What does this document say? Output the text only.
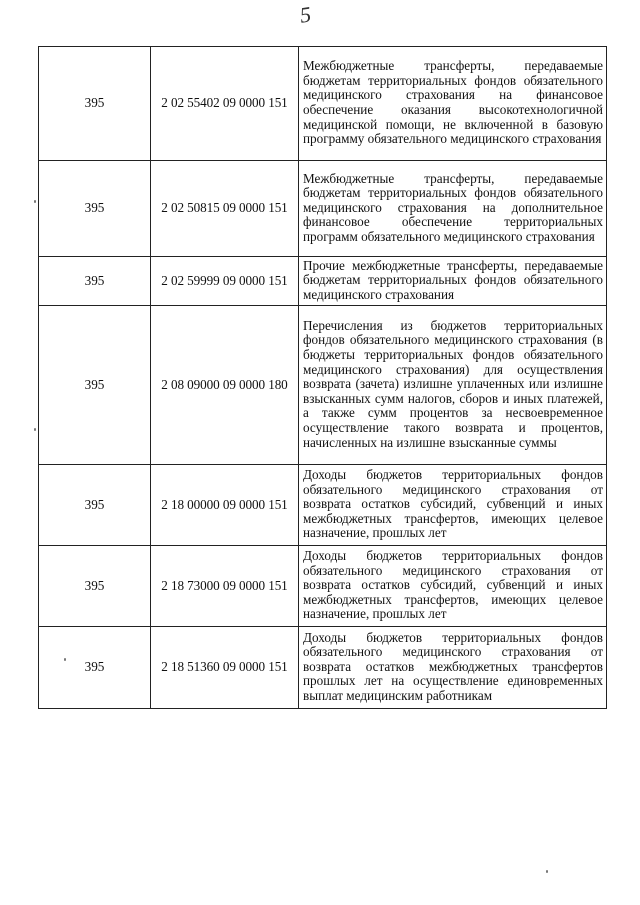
5
395	2 02 55402 09 0000 151	Межбюджетные трансферты, передаваемые бюджетам территориальных фондов обязательного медицинского страхования на финансовое обеспечение оказания высокотехнологичной медицинской помощи, не включенной в базовую программу обязательного медицинского страхования
395	2 02 50815 09 0000 151	Межбюджетные трансферты, передаваемые бюджетам территориальных фондов обязательного медицинского страхования на дополнительное финансовое обеспечение территориальных программ обязательного медицинского страхования
395	2 02 59999 09 0000 151	Прочие межбюджетные трансферты, передаваемые бюджетам территориальных фондов обязательного медицинского страхования
395	2 08 09000 09 0000 180	Перечисления из бюджетов территориальных фондов обязательного медицинского страхования (в бюджеты территориальных фондов обязательного медицинского страхования) для осуществления возврата (зачета) излишне уплаченных или излишне взысканных сумм налогов, сборов и иных платежей, а также сумм процентов за несвоевременное осуществление такого возврата и процентов, начисленных на излишне взысканные суммы
395	2 18 00000 09 0000 151	Доходы бюджетов территориальных фондов обязательного медицинского страхования от возврата остатков субсидий, субвенций и иных межбюджетных трансфертов, имеющих целевое назначение, прошлых лет
395	2 18 73000 09 0000 151	Доходы бюджетов территориальных фондов обязательного медицинского страхования от возврата остатков субсидий, субвенций и иных межбюджетных трансфертов, имеющих целевое назначение, прошлых лет
395	2 18 51360 09 0000 151	Доходы бюджетов территориальных фондов обязательного медицинского страхования от возврата остатков межбюджетных трансфертов прошлых лет на осуществление единовременных выплат медицинским работникам
